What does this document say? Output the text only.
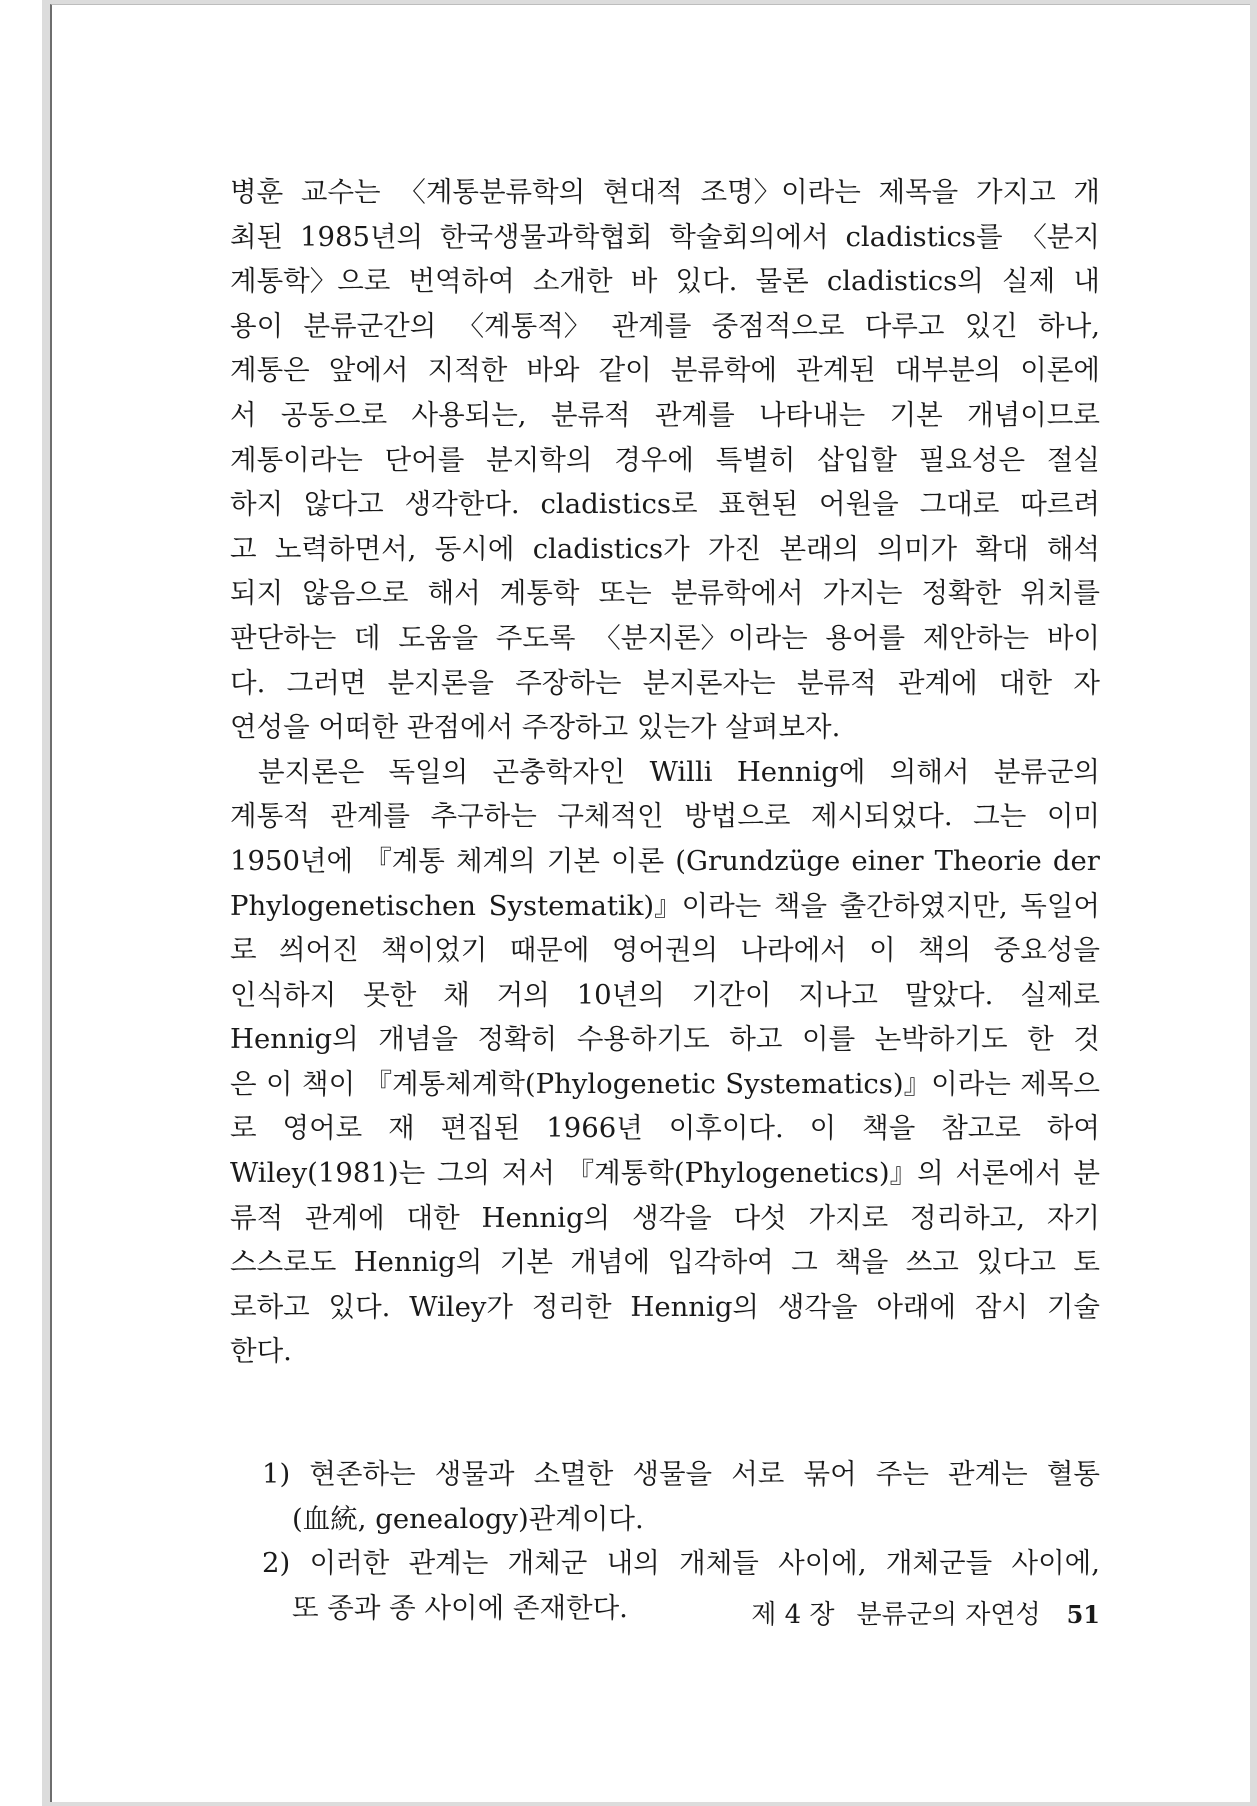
병훈 교수는 〈계통분류학의 현대적 조명〉이라는 제목을 가지고 개
최된 1985년의 한국생물과학협회 학술회의에서 cladistics를 〈분지
계통학〉으로 번역하여 소개한 바 있다. 물론 cladistics의 실제 내
용이 분류군간의 〈계통적〉 관계를 중점적으로 다루고 있긴 하나,
계통은 앞에서 지적한 바와 같이 분류학에 관계된 대부분의 이론에
서 공동으로 사용되는, 분류적 관계를 나타내는 기본 개념이므로
계통이라는 단어를 분지학의 경우에 특별히 삽입할 필요성은 절실
하지 않다고 생각한다. cladistics로 표현된 어원을 그대로 따르려
고 노력하면서, 동시에 cladistics가 가진 본래의 의미가 확대 해석
되지 않음으로 해서 계통학 또는 분류학에서 가지는 정확한 위치를
판단하는 데 도움을 주도록 〈분지론〉이라는 용어를 제안하는 바이
다. 그러면 분지론을 주장하는 분지론자는 분류적 관계에 대한 자
연성을 어떠한 관점에서 주장하고 있는가 살펴보자.
분지론은 독일의 곤충학자인 Willi Hennig에 의해서 분류군의
계통적 관계를 추구하는 구체적인 방법으로 제시되었다. 그는 이미
1950년에 『계통 체계의 기본 이론 (Grundzüge einer Theorie der
Phylogenetischen Systematik)』이라는 책을 출간하였지만, 독일어
로 씌어진 책이었기 때문에 영어권의 나라에서 이 책의 중요성을
인식하지 못한 채 거의 10년의 기간이 지나고 말았다. 실제로
Hennig의 개념을 정확히 수용하기도 하고 이를 논박하기도 한 것
은 이 책이 『계통체계학(Phylogenetic Systematics)』이라는 제목으
로 영어로 재 편집된 1966년 이후이다. 이 책을 참고로 하여
Wiley(1981)는 그의 저서 『계통학(Phylogenetics)』의 서론에서 분
류적 관계에 대한 Hennig의 생각을 다섯 가지로 정리하고, 자기
스스로도 Hennig의 기본 개념에 입각하여 그 책을 쓰고 있다고 토
로하고 있다. Wiley가 정리한 Hennig의 생각을 아래에 잠시 기술
한다.
1) 현존하는 생물과 소멸한 생물을 서로 묶어 주는 관계는 혈통
(血統, genealogy)관계이다.
2) 이러한 관계는 개체군 내의 개체들 사이에, 개체군들 사이에,
또 종과 종 사이에 존재한다.	제 4 장 분류군의 자연성 51
